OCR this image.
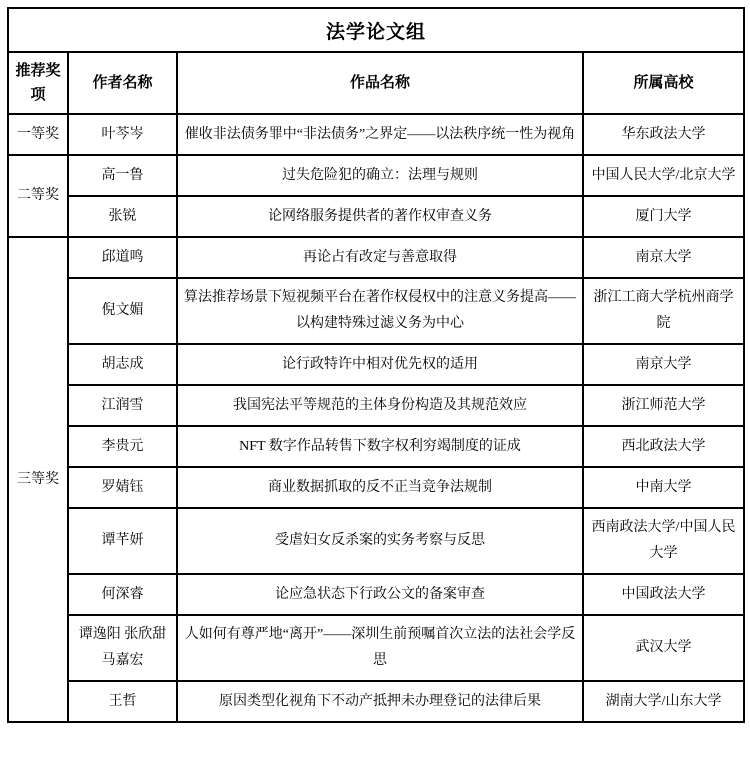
法学论文组			
推荐奖项	作者名称	作品名称	所属高校
一等奖	叶芩岑	催收非法债务罪中“非法债务”之界定——以法秩序统一性为视角	华东政法大学
二等奖	高一鲁	过失危险犯的确立：法理与规则	中国人民大学/北京大学
	张锐	论网络服务提供者的著作权审查义务	厦门大学
三等奖	邱道鸣	再论占有改定与善意取得	南京大学
	倪文媚	算法推荐场景下短视频平台在著作权侵权中的注意义务提高——以构建特殊过滤义务为中心	浙江工商大学杭州商学院
	胡志成	论行政特许中相对优先权的适用	南京大学
	江润雪	我国宪法平等规范的主体身份构造及其规范效应	浙江师范大学
	李贵元	NFT 数字作品转售下数字权利穷竭制度的证成	西北政法大学
	罗婧钰	商业数据抓取的反不正当竞争法规制	中南大学
	谭芊妍	受虐妇女反杀案的实务考察与反思	西南政法大学/中国人民大学
	何深睿	论应急状态下行政公文的备案审查	中国政法大学
	谭逸阳 张欣甜 马嘉宏	人如何有尊严地“离开”——深圳生前预嘱首次立法的法社会学反思	武汉大学
	王哲	原因类型化视角下不动产抵押未办理登记的法律后果	湖南大学/山东大学
